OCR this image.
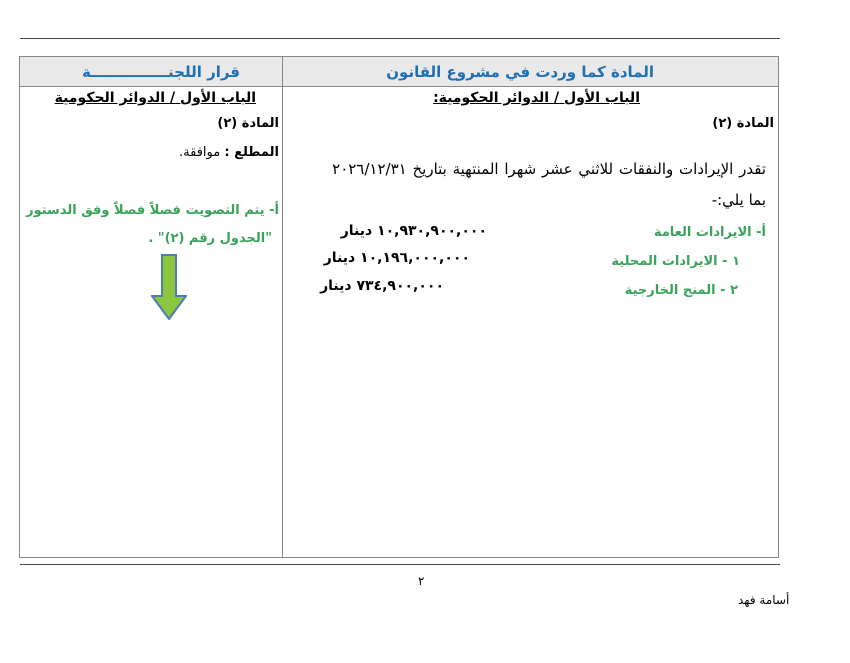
المادة كما وردت في مشروع القانون
قرار اللجنـــــــــــــــة
الباب الأول / الدوائر الحكومية:
المادة (٢)
تقدر الإيرادات والنفقات للاثني عشر شهرا المنتهية بتاريخ ٢٠٢٦/١٢/٣١
بما يلي:-
أ- الايرادات العامة
١ - الايرادات المحلية
٢ - المنح الخارجية
١٠,٩٣٠,٩٠٠,٠٠٠ دينار
١٠,١٩٦,٠٠٠,٠٠٠ دينار
٧٣٤,٩٠٠,٠٠٠ دينار
الباب الأول / الدوائر الحكومية
المادة (٢)
المطلع : موافقة.
أ- يتم التصويت فصلاً فصلاً وفق الدستور
"الجدول رقم (٢)" .
٢
أسامة فهد
